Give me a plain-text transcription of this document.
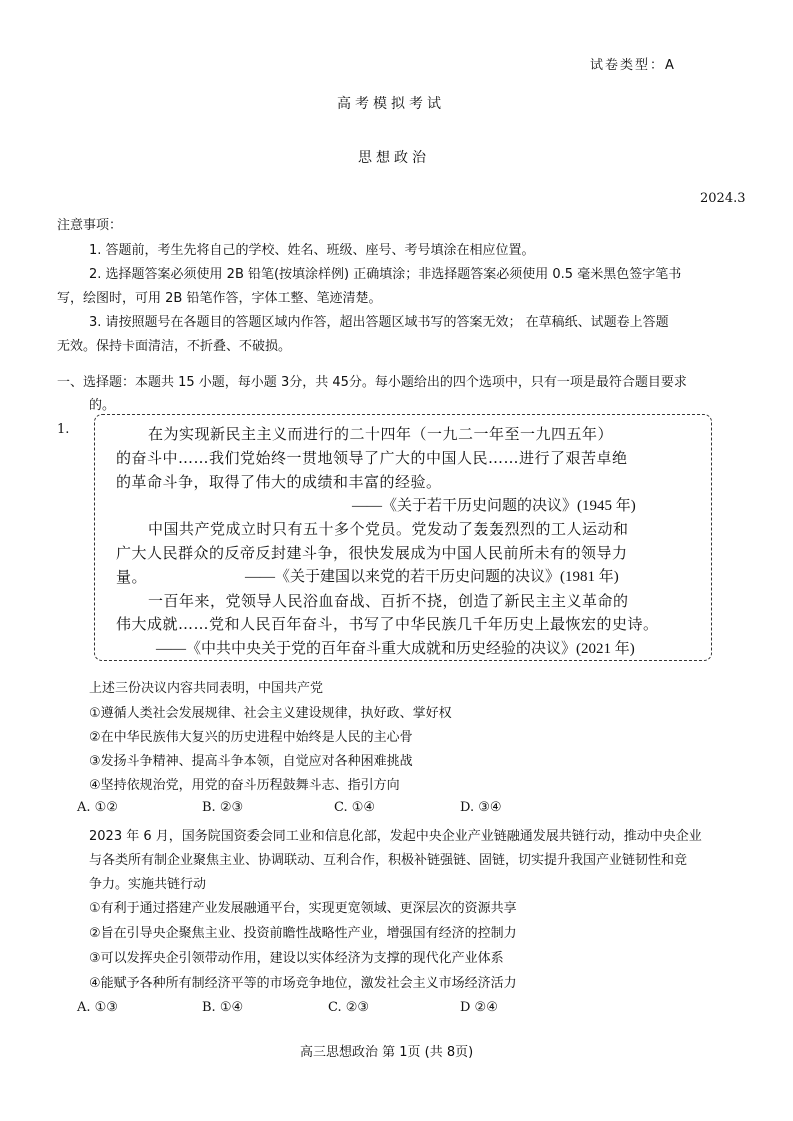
试卷类型：A
高考模拟考试
思想政治
2024.3
注意事项：
1. 答题前，考生先将自己的学校、姓名、班级、座号、考号填涂在相应位置。
2. 选择题答案必须使用 2B 铅笔(按填涂样例) 正确填涂；非选择题答案必须使用 0.5 毫米黑色签字笔书
写，绘图时，可用 2B 铅笔作答，字体工整、笔迹清楚。
3. 请按照题号在各题目的答题区域内作答，超出答题区域书写的答案无效； 在草稿纸、试题卷上答题
无效。保持卡面清洁，不折叠、不破损。
一、选择题：本题共 15 小题，每小题 3分，共 45分。每小题给出的四个选项中，只有一项是最符合题目要求
的。
1.	在为实现新民主主义而进行的二十四年（一九二一年至一九四五年）
的奋斗中……我们党始终一贯地领导了广大的中国人民……进行了艰苦卓绝
的革命斗争，取得了伟大的成绩和丰富的经验。
——《关于若干历史问题的决议》(1945 年)
中国共产党成立时只有五十多个党员。党发动了轰轰烈烈的工人运动和
广大人民群众的反帝反封建斗争，很快发展成为中国人民前所未有的领导力
量。	——《关于建国以来党的若干历史问题的决议》(1981 年)
一百年来，党领导人民浴血奋战、百折不挠，创造了新民主主义革命的
伟大成就……党和人民百年奋斗，书写了中华民族几千年历史上最恢宏的史诗。
——《中共中央关于党的百年奋斗重大成就和历史经验的决议》(2021 年)
上述三份决议内容共同表明，中国共产党
①遵循人类社会发展规律、社会主义建设规律，执好政、掌好权
②在中华民族伟大复兴的历史进程中始终是人民的主心骨
③发扬斗争精神、提高斗争本领，自觉应对各种困难挑战
④坚持依规治党，用党的奋斗历程鼓舞斗志、指引方向
A. ①②	B. ②③	C. ①④	D. ③④
2023 年 6 月，国务院国资委会同工业和信息化部，发起中央企业产业链融通发展共链行动，推动中央企业
与各类所有制企业聚焦主业、协调联动、互利合作，积极补链强链、固链，切实提升我国产业链韧性和竞
争力。实施共链行动
①有利于通过搭建产业发展融通平台，实现更宽领域、更深层次的资源共享
②旨在引导央企聚焦主业、投资前瞻性战略性产业，增强国有经济的控制力
③可以发挥央企引领带动作用，建设以实体经济为支撑的现代化产业体系
④能赋予各种所有制经济平等的市场竞争地位，激发社会主义市场经济活力
A. ①③	B. ①④	C. ②③	D ②④
高三思想政治 第 1页 (共 8页)
